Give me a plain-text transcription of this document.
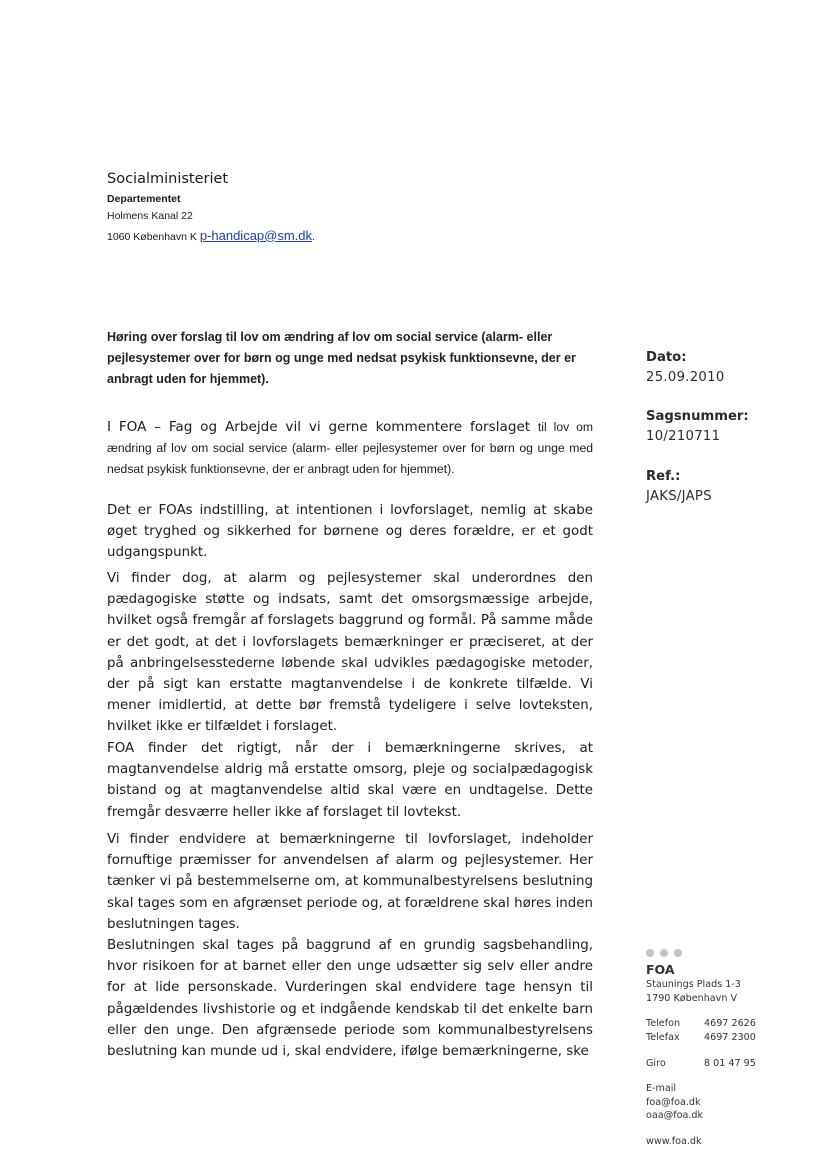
Socialministeriet
Departementet
Holmens Kanal 22
1060 København K p-handicap@sm.dk.
Høring over forslag til lov om ændring af lov om social service (alarm- eller pejlesystemer over for børn og unge med nedsat psykisk funktionsevne, der er anbragt uden for hjemmet).
Dato:
25.09.2010
Sagsnummer:
10/210711
Ref.:
JAKS/JAPS
I FOA – Fag og Arbejde vil vi gerne kommentere forslaget til lov om ændring af lov om social service (alarm- eller pejlesystemer over for børn og unge med nedsat psykisk funktionsevne, der er anbragt uden for hjemmet).
Det er FOAs indstilling, at intentionen i lovforslaget, nemlig at skabe øget tryghed og sikkerhed for børnene og deres forældre, er et godt udgangspunkt.
Vi finder dog, at alarm og pejlesystemer skal underordnes den pædagogiske støtte og indsats, samt det omsorgsmæssige arbejde, hvilket også fremgår af forslagets baggrund og formål. På samme måde er det godt, at det i lovforslagets bemærkninger er præciseret, at der på anbringelsesstederne løbende skal udvikles pædagogiske metoder, der på sigt kan erstatte magtanvendelse i de konkrete tilfælde. Vi mener imidlertid, at dette bør fremstå tydeligere i selve lovteksten, hvilket ikke er tilfældet i forslaget.
FOA finder det rigtigt, når der i bemærkningerne skrives, at magtanvendelse aldrig må erstatte omsorg, pleje og socialpædagogisk bistand og at magtanvendelse altid skal være en undtagelse. Dette fremgår desværre heller ikke af forslaget til lovtekst.
Vi finder endvidere at bemærkningerne til lovforslaget, indeholder fornuftige præmisser for anvendelsen af alarm og pejlesystemer. Her tænker vi på bestemmelserne om, at kommunalbestyrelsens beslutning skal tages som en afgrænset periode og, at forældrene skal høres inden beslutningen tages.
Beslutningen skal tages på baggrund af en grundig sagsbehandling, hvor risikoen for at barnet eller den unge udsætter sig selv eller andre for at lide personskade. Vurderingen skal endvidere tage hensyn til pågældendes livshistorie og et indgående kendskab til det enkelte barn eller den unge. Den afgrænsede periode som kommunalbestyrelsens beslutning kan munde ud i, skal endvidere, ifølge bemærkningerne, ske
FOA
Staunings Plads 1-3
1790 København V
Telefon	4697 2626
Telefax	4697 2300
Giro	8 01 47 95
E-mail
foa@foa.dk
oaa@foa.dk
www.foa.dk
